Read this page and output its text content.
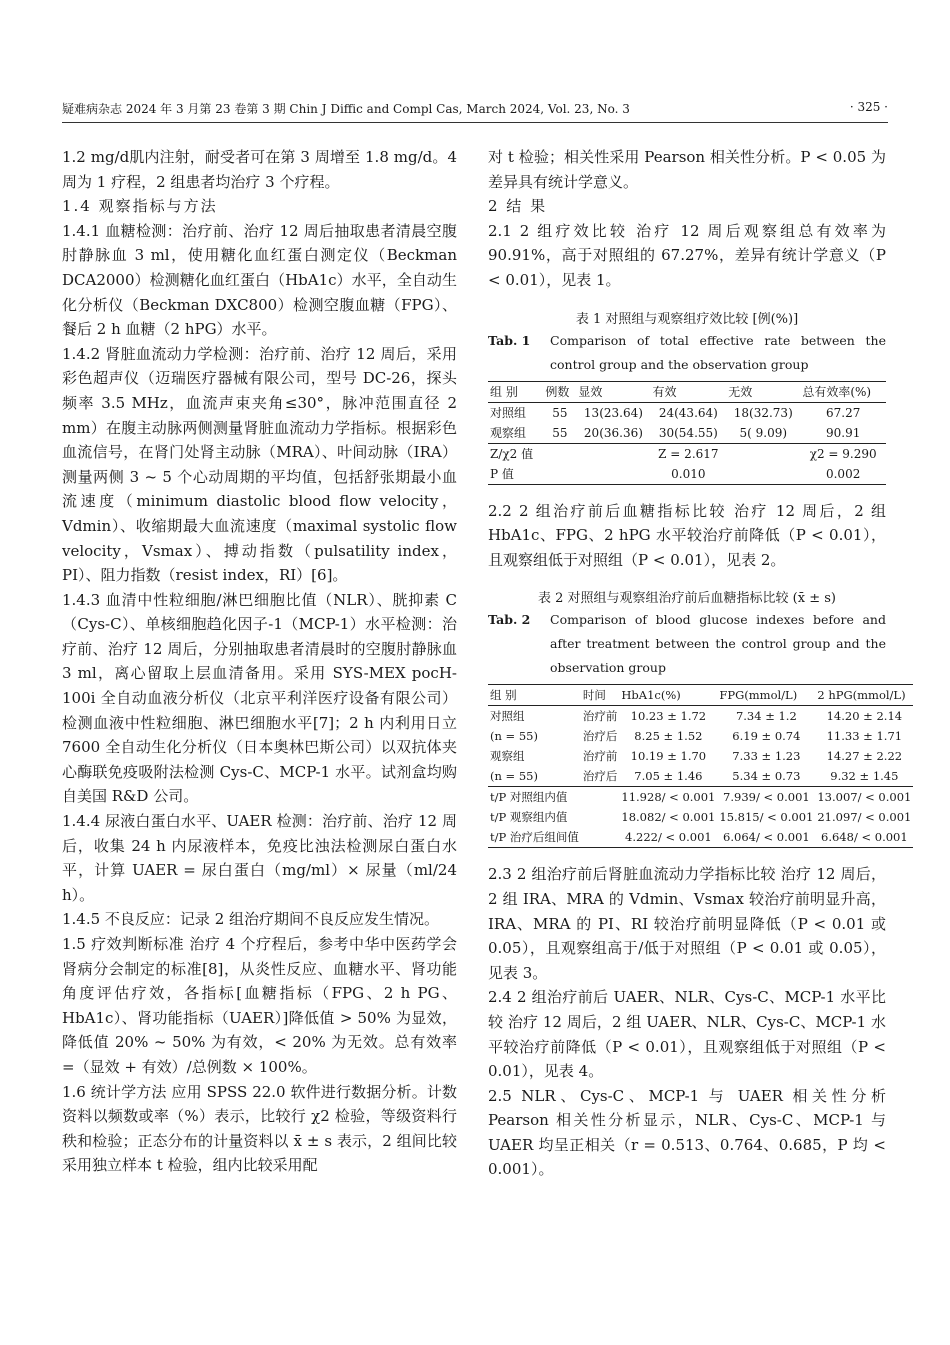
疑难病杂志 2024 年 3 月第 23 卷第 3 期 Chin J Diffic and Compl Cas, March 2024, Vol. 23, No. 3	· 325 ·

1.2 mg/d肌内注射，耐受者可在第 3 周增至 1.8 mg/d。4 周为 1 疗程，2 组患者均治疗 3 个疗程。

1.4 观察指标与方法

1.4.1 血糖检测：治疗前、治疗 12 周后抽取患者清晨空腹肘静脉血 3 ml，使用糖化血红蛋白测定仪（Beckman DCA2000）检测糖化血红蛋白（HbA1c）水平，全自动生化分析仪（Beckman DXC800）检测空腹血糖（FPG）、餐后 2 h 血糖（2 hPG）水平。

1.4.2 肾脏血流动力学检测：治疗前、治疗 12 周后，采用彩色超声仪（迈瑞医疗器械有限公司，型号 DC-26，探头频率 3.5 MHz，血流声束夹角≤30°，脉冲范围直径 2 mm）在腹主动脉两侧测量肾脏血流动力学指标。根据彩色血流信号，在肾门处肾主动脉（MRA）、叶间动脉（IRA）测量两侧 3 ~ 5 个心动周期的平均值，包括舒张期最小血流速度（minimum diastolic blood flow velocity，Vdmin）、收缩期最大血流速度（maximal systolic flow velocity，Vsmax）、搏动指数（pulsatility index，PI）、阻力指数（resist index，RI）[6]。

1.4.3 血清中性粒细胞/淋巴细胞比值（NLR）、胱抑素 C（Cys-C）、单核细胞趋化因子-1（MCP-1）水平检测：治疗前、治疗 12 周后，分别抽取患者清晨时的空腹肘静脉血 3 ml，离心留取上层血清备用。采用 SYS-MEX pocH-100i 全自动血液分析仪（北京平利洋医疗设备有限公司）检测血液中性粒细胞、淋巴细胞水平[7]；2 h 内利用日立 7600 全自动生化分析仪（日本奥林巴斯公司）以双抗体夹心酶联免疫吸附法检测 Cys-C、MCP-1 水平。试剂盒均购自美国 R&D 公司。

1.4.4 尿液白蛋白水平、UAER 检测：治疗前、治疗 12 周后，收集 24 h 内尿液样本，免疫比浊法检测尿白蛋白水平，计算 UAER = 尿白蛋白（mg/ml）× 尿量（ml/24 h）。

1.4.5 不良反应：记录 2 组治疗期间不良反应发生情况。

1.5 疗效判断标准 治疗 4 个疗程后，参考中华中医药学会肾病分会制定的标准[8]，从炎性反应、血糖水平、肾功能角度评估疗效，各指标[血糖指标（FPG、2 h PG、HbA1c）、肾功能指标（UAER）]降低值 > 50% 为显效，降低值 20% ~ 50% 为有效，< 20% 为无效。总有效率 =（显效 + 有效）/总例数 × 100%。

1.6 统计学方法 应用 SPSS 22.0 软件进行数据分析。计数资料以频数或率（%）表示，比较行 χ2 检验，等级资料行秩和检验；正态分布的计量资料以 x̄ ± s 表示，2 组间比较采用独立样本 t 检验，组内比较采用配

对 t 检验；相关性采用 Pearson 相关性分析。P < 0.05 为差异具有统计学意义。

2 结 果

2.1 2 组疗效比较 治疗 12 周后观察组总有效率为 90.91%，高于对照组的 67.27%，差异有统计学意义（P < 0.01），见表 1。

表 1 对照组与观察组疗效比较 [例(%)]
Tab. 1	Comparison of total effective rate between the control group and the observation group
组 别	例数	显效	有效	无效	总有效率(%)
对照组	55	13(23.64)	24(43.64)	18(32.73)	67.27
观察组	55	20(36.36)	30(54.55)	5( 9.09)	90.91
Z/χ2 值			Z = 2.617		χ2 = 9.290
P 值			0.010		0.002

2.2 2 组治疗前后血糖指标比较 治疗 12 周后，2 组 HbA1c、FPG、2 hPG 水平较治疗前降低（P < 0.01），且观察组低于对照组（P < 0.01），见表 2。

表 2 对照组与观察组治疗前后血糖指标比较 (x̄ ± s)
Tab. 2	Comparison of blood glucose indexes before and after treatment between the control group and the observation group
组 别	时间	HbA1c(%)	FPG(mmol/L)	2 hPG(mmol/L)
对照组	治疗前	10.23 ± 1.72	7.34 ± 1.2	14.20 ± 2.14
(n = 55)	治疗后	8.25 ± 1.52	6.19 ± 0.74	11.33 ± 1.71
观察组	治疗前	10.19 ± 1.70	7.33 ± 1.23	14.27 ± 2.22
(n = 55)	治疗后	7.05 ± 1.46	5.34 ± 0.73	9.32 ± 1.45
t/P 对照组内值		11.928/ < 0.001	7.939/ < 0.001	13.007/ < 0.001
t/P 观察组内值		18.082/ < 0.001	15.815/ < 0.001	21.097/ < 0.001
t/P 治疗后组间值		4.222/ < 0.001	6.064/ < 0.001	6.648/ < 0.001

2.3 2 组治疗前后肾脏血流动力学指标比较 治疗 12 周后，2 组 IRA、MRA 的 Vdmin、Vsmax 较治疗前明显升高，IRA、MRA 的 PI、RI 较治疗前明显降低（P < 0.01 或 0.05），且观察组高于/低于对照组（P < 0.01 或 0.05），见表 3。

2.4 2 组治疗前后 UAER、NLR、Cys-C、MCP-1 水平比较 治疗 12 周后，2 组 UAER、NLR、Cys-C、MCP-1 水平较治疗前降低（P < 0.01），且观察组低于对照组（P < 0.01），见表 4。

2.5 NLR、Cys-C、MCP-1 与 UAER 相关性分析 Pearson 相关性分析显示，NLR、Cys-C、MCP-1 与 UAER 均呈正相关（r = 0.513、0.764、0.685，P 均 < 0.001）。
